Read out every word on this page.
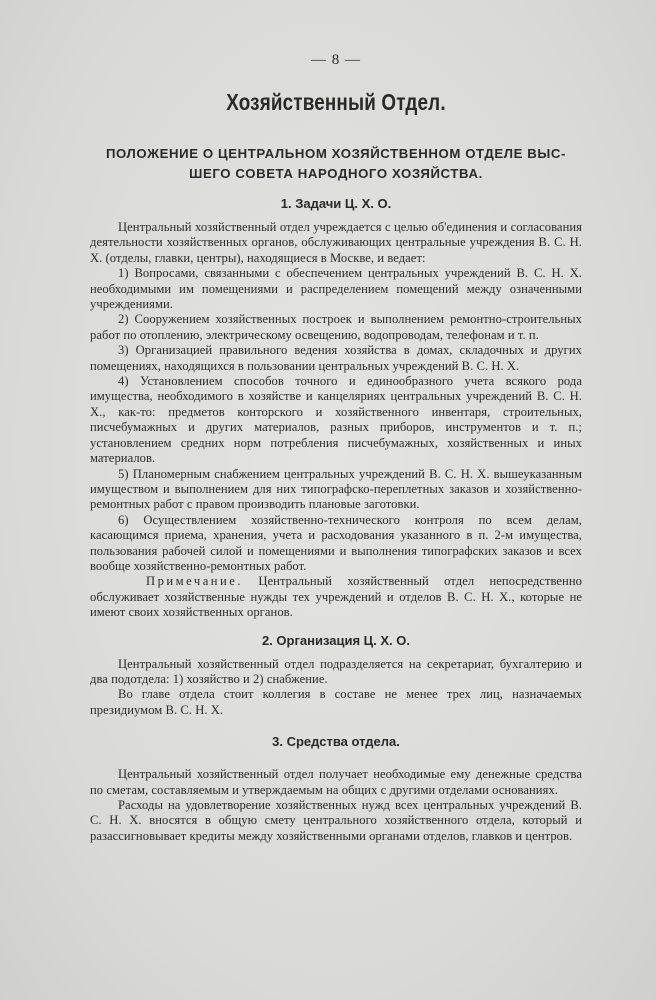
— 8 —
Хозяйственный Отдел.
ПОЛОЖЕНИЕ О ЦЕНТРАЛЬНОМ ХОЗЯЙСТВЕННОМ ОТДЕЛЕ ВЫС-
ШЕГО СОВЕТА НАРОДНОГО ХОЗЯЙСТВА.
1. Задачи Ц. Х. О.

Центральный хозяйственный отдел учреждается с целью об'единения и согласования деятельности хозяйственных органов, обслуживающих центральные учреждения В. С. Н. Х. (отделы, главки, центры), находящиеся в Москве, и ведает:

1) Вопросами, связанными с обеспечением центральных учреждений В. С. Н. Х. необходимыми им помещениями и распределением помещений между означенными учреждениями.

2) Сооружением хозяйственных построек и выполнением ремонтно-строительных работ по отоплению, электрическому освещению, водопроводам, телефонам и т. п.

3) Организацией правильного ведения хозяйства в домах, складочных и других помещениях, находящихся в пользовании центральных учреждений В. С. Н. Х.

4) Установлением способов точного и единообразного учета всякого рода имущества, необходимого в хозяйстве и канцеляриях центральных учреждений В. С. Н. Х., как-то: предметов конторского и хозяйственного инвентаря, строительных, писчебумажных и других материалов, разных приборов, инструментов и т. п.; установлением средних норм потребления писчебумажных, хозяйственных и иных материалов.

5) Планомерным снабжением центральных учреждений В. С. Н. Х. вышеуказанным имуществом и выполнением для них типографско-переплетных заказов и хозяйственно-ремонтных работ с правом производить плановые заготовки.

6) Осуществлением хозяйственно-технического контроля по всем делам, касающимся приема, хранения, учета и расходования указанного в п. 2-м имущества, пользования рабочей силой и помещениями и выполнения типографских заказов и всех вообще хозяйственно-ремонтных работ.

Примечание. Центральный хозяйственный отдел непосредственно обслуживает хозяйственные нужды тех учреждений и отделов В. С. Н. Х., которые не имеют своих хозяйственных органов.

2. Организация Ц. Х. О.

Центральный хозяйственный отдел подразделяется на секретариат, бухгалтерию и два подотдела: 1) хозяйство и 2) снабжение.

Во главе отдела стоит коллегия в составе не менее трех лиц, назначаемых президиумом В. С. Н. Х.

3. Средства отдела.

Центральный хозяйственный отдел получает необходимые ему денежные средства по сметам, составляемым и утверждаемым на общих с другими отделами основаниях.

Расходы на удовлетворение хозяйственных нужд всех центральных учреждений В. С. Н. Х. вносятся в общую смету центрального хозяйственного отдела, который и разассигновывает кредиты между хозяйственными органами отделов, главков и центров.
